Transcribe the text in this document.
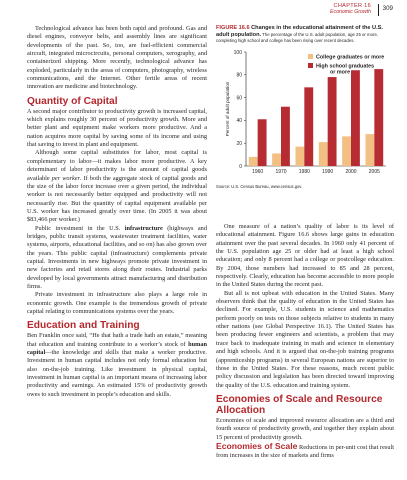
CHAPTER 16
Economic Growth	309

Technological advance has been both rapid and profound. Gas and diesel engines, conveyor belts, and assembly lines are significant developments of the past. So, too, are fuel-efficient commercial aircraft, integrated microcircuits, personal computers, xerography, and containerized shipping. More recently, technological advance has exploded, particularly in the areas of computers, photography, wireless communications, and the Internet. Other fertile areas of recent innovation are medicine and biotechnology.

Quantity of Capital

A second major contributor to productivity growth is increased capital, which explains roughly 30 percent of productivity growth. More and better plant and equipment make workers more productive. And a nation acquires more capital by saving some of its income and using that saving to invest in plant and equipment.

Although some capital substitutes for labor, most capital is complementary to labor—it makes labor more productive. A key determinant of labor productivity is the amount of capital goods available per worker. If both the aggregate stock of capital goods and the size of the labor force increase over a given period, the individual worker is not necessarily better equipped and productivity will not necessarily rise. But the quantity of capital equipment available per U.S. worker has increased greatly over time. (In 2005 it was about $83,466 per worker.)

Public investment in the U.S. infrastructure (highways and bridges, public transit systems, wastewater treatment facilities, water systems, airports, educational facilities, and so on) has also grown over the years. This public capital (infrastructure) complements private capital. Investments in new highways promote private investment in new factories and retail stores along their routes. Industrial parks developed by local governments attract manufacturing and distribution firms.

Private investment in infrastructure also plays a large role in economic growth. One example is the tremendous growth of private capital relating to communications systems over the years.

Education and Training

Ben Franklin once said, “He that hath a trade hath an estate,” meaning that education and training contribute to a worker’s stock of human capital—the knowledge and skills that make a worker productive. Investment in human capital includes not only formal education but also on-the-job training. Like investment in physical capital, investment in human capital is an important means of increasing labor productivity and earnings. An estimated 15% of productivity growth owes to such investment in people’s education and skills.

FIGURE 16.6 Changes in the educational attainment of the U.S. adult population. The percentage of the U.S. adult population, age 25 or more, completing high school and college has been rising over recent decades.
0
20
40
60
80
100
Percent of adult population
1960 1970 1980 1990 2000 2005
College graduates or more
High school graduates or more
Source: U.S. Census Bureau, www.census.gov.

One measure of a nation’s quality of labor is its level of educational attainment. Figure 16.6 shows large gains in education attainment over the past several decades. In 1960 only 41 percent of the U.S. population age 25 or older had at least a high school education; and only 8 percent had a college or postcollege education. By 2004, those numbers had increased to 85 and 28 percent, respectively. Clearly, education has become accessible to more people in the United States during the recent past.

But all is not upbeat with education in the United States. Many observers think that the quality of education in the United States has declined. For example, U.S. students in science and mathematics perform poorly on tests on those subjects relative to students in many other nations (see Global Perspective 16.1). The United States has been producing fewer engineers and scientists, a problem that may trace back to inadequate training in math and science in elementary and high schools. And it is argued that on-the-job training programs (apprenticeship programs) in several European nations are superior to those in the United States. For these reasons, much recent public policy discussion and legislation has been directed toward improving the quality of the U.S. education and training system.

Economies of Scale and Resource Allocation

Economies of scale and improved resource allocation are a third and fourth source of productivity growth, and together they explain about 15 percent of productivity growth.

Economies of Scale Reductions in per-unit cost that result from increases in the size of markets and firms
